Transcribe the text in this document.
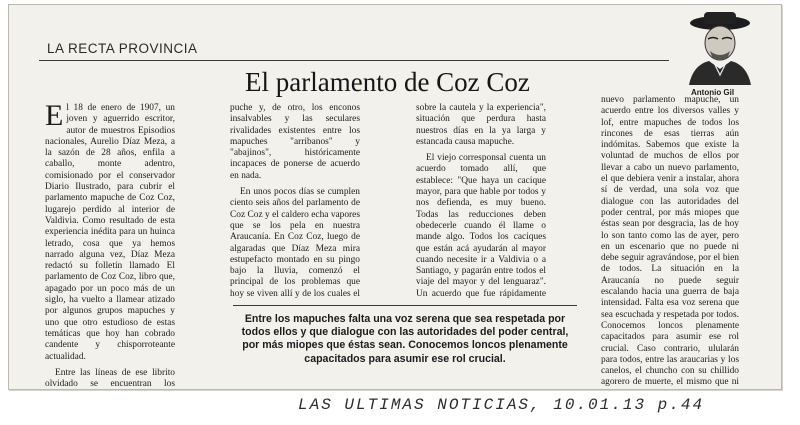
LA RECTA PROVINCIA
El parlamento de Coz Coz	Antonio Gil

El 18 de enero de 1907, un joven y aguerrido escritor, autor de muestros Episodios nacionales, Aurelio Díaz Meza, a la sazón de 28 años, enfila a caballo, monte adentro, comisionado por el conservador Diario Ilustrado, para cubrir el parlamento mapuche de Coz Coz, lugarejo perdido al interior de Valdivia. Como resultado de esta experiencia inédita para un huinca letrado, cosa que ya hemos narrado alguna vez, Díaz Meza redactó su folletín llamado El parlamento de Coz Coz, libro que, apagado por un poco más de un siglo, ha vuelto a llamear atizado por algunos grupos mapuches y uno que otro estudioso de estas temáticas que hoy han cobrado candente y chisporroteante actualidad.

Entre las líneas de ese librito olvidado se encuentran los

puche y, de otro, los enconos insalvables y las seculares rivalidades existentes entre los mapuches "arribanos" y "abajinos", históricamente incapaces de ponerse de acuerdo en nada.

En unos pocos días se cumplen ciento seis años del parlamento de Coz Coz y el caldero echa vapores que se los pela en nuestra Araucanía. En Coz Coz, luego de algaradas que Díaz Meza mira estupefacto montado en su pingo bajo la lluvia, comenzó el principal de los problemas que hoy se viven allí y de los cuales el

sobre la cautela y la experiencia", situación que perdura hasta nuestros días en la ya larga y estancada causa mapuche.

El viejo corresponsal cuenta un acuerdo tomado allí, que establece: "Que haya un cacique mayor, para que hable por todos y nos defienda, es muy bueno. Todas las reducciones deben obedecerle cuando él llame o mande algo. Todos los caciques que están acá ayudarán al mayor cuando necesite ir a Valdivia o a Santiago, y pagarán entre todos el viaje del mayor y del lenguaraz". Un acuerdo que fue rápidamente

nuevo parlamento mapuche, un acuerdo entre los diversos valles y lof, entre mapuches de todos los rincones de esas tierras aún indómitas. Sabemos que existe la voluntad de muchos de ellos por llevar a cabo un nuevo parlamento, el que debiera venir a instalar, ahora sí de verdad, una sola voz que dialogue con las autoridades del poder central, por más miopes que éstas sean por desgracia, las de hoy lo son tanto como las de ayer, pero en un escenario que no puede ni debe seguir agravándose, por el bien de todos. La situación en la Araucanía no puede seguir escalando hacia una guerra de baja intensidad. Falta esa voz serena que sea escuchada y respetada por todos. Conocemos loncos plenamente capacitados para asumir ese rol crucial. Caso contrario, ulularán para todos, entre las araucarias y los canelos, el chuncho con su chillido agorero de muerte, el mismo que ni

Entre los mapuches falta una voz serena que sea respetada por todos ellos y que dialogue con las autoridades del poder central, por más miopes que éstas sean. Conocemos loncos plenamente capacitados para asumir ese rol crucial.
LAS ULTIMAS NOTICIAS, 10.01.13 p.44
